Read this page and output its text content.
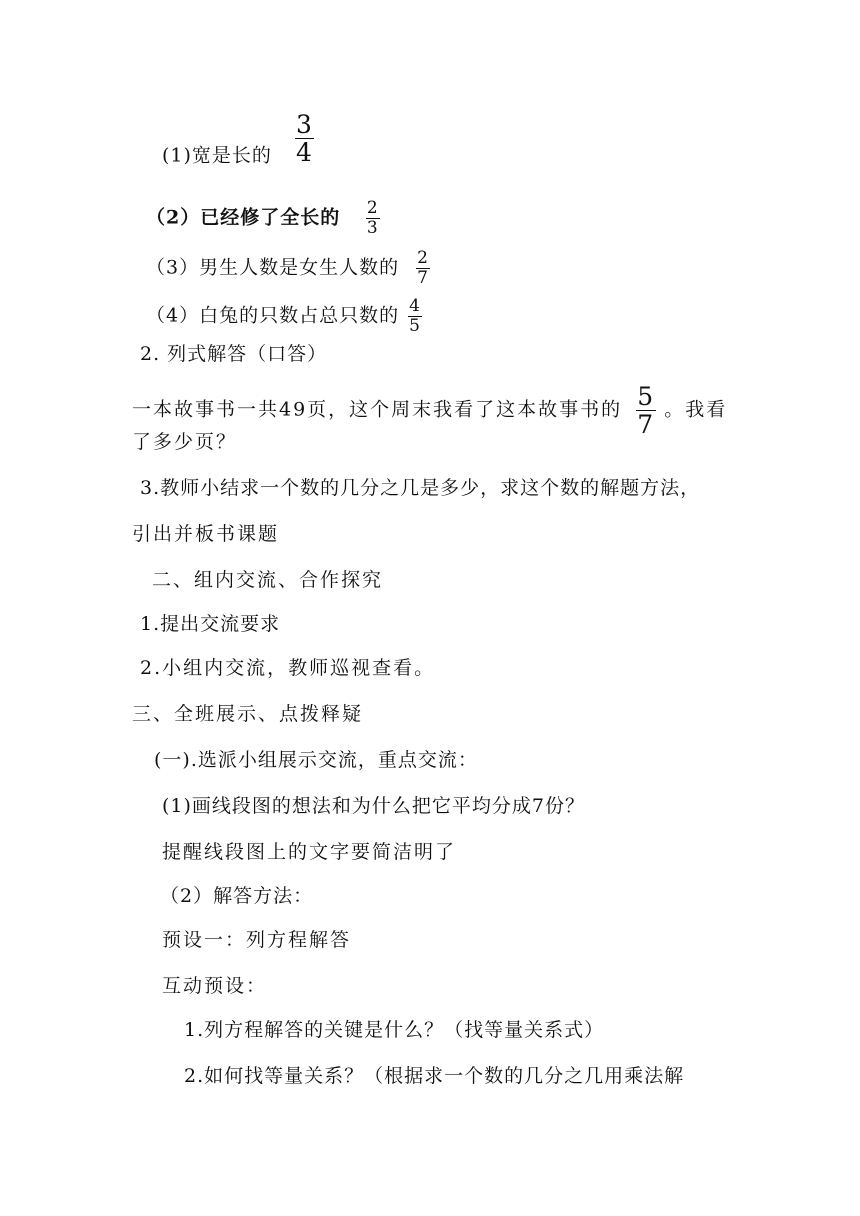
(1)宽是长的 $\frac{3}{4}$
（2）已经修了全长的 $\frac{2}{3}$
（3）男生人数是女生人数的 $\frac{2}{7}$
（4）白兔的只数占总只数的 $\frac{4}{5}$
2. 列式解答（口答）
一本故事书一共49页，这个周末我看了这本故事书的 $\frac{5}{7}$ 。我看
了多少页？
3.教师小结求一个数的几分之几是多少，求这个数的解题方法，
引出并板书课题
二、组内交流、合作探究
1.提出交流要求
2.小组内交流，教师巡视查看。
三、全班展示、点拨释疑
(一).选派小组展示交流，重点交流：
(1)画线段图的想法和为什么把它平均分成7份？
提醒线段图上的文字要简洁明了
（2）解答方法：
预设一：列方程解答
互动预设：
1.列方程解答的关键是什么？（找等量关系式）
2.如何找等量关系？（根据求一个数的几分之几用乘法解
